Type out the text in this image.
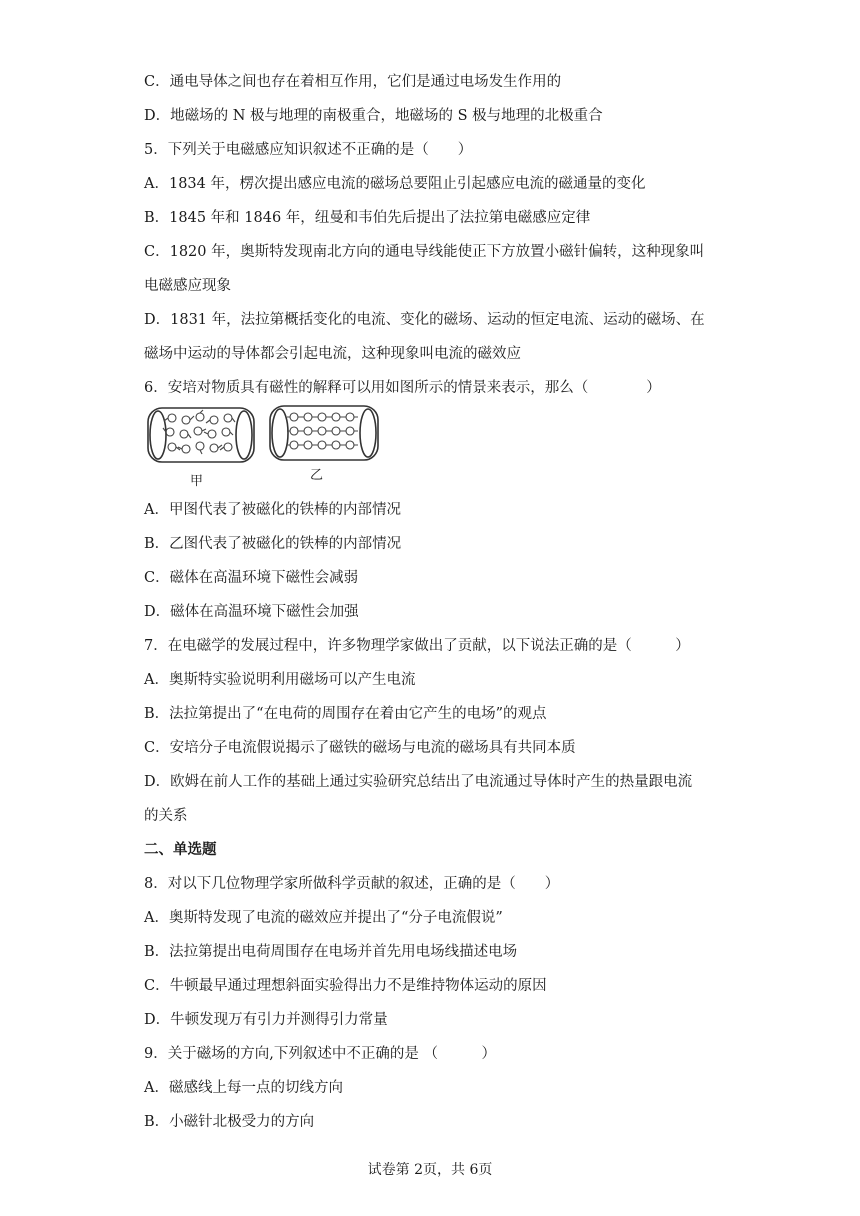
C．通电导体之间也存在着相互作用，它们是通过电场发生作用的
D．地磁场的 N 极与地理的南极重合，地磁场的 S 极与地理的北极重合
5．下列关于电磁感应知识叙述不正确的是（　　）
A．1834 年，楞次提出感应电流的磁场总要阻止引起感应电流的磁通量的变化
B．1845 年和 1846 年，纽曼和韦伯先后提出了法拉第电磁感应定律
C．1820 年，奥斯特发现南北方向的通电导线能使正下方放置小磁针偏转，这种现象叫
电磁感应现象
D．1831 年，法拉第概括变化的电流、变化的磁场、运动的恒定电流、运动的磁场、在
磁场中运动的导体都会引起电流，这种现象叫电流的磁效应
6．安培对物质具有磁性的解释可以用如图所示的情景来表示，那么（　　　　）
甲	乙
A．甲图代表了被磁化的铁棒的内部情况
B．乙图代表了被磁化的铁棒的内部情况
C．磁体在高温环境下磁性会减弱
D．磁体在高温环境下磁性会加强
7．在电磁学的发展过程中，许多物理学家做出了贡献，以下说法正确的是（　　　）
A．奥斯特实验说明利用磁场可以产生电流
B．法拉第提出了“在电荷的周围存在着由它产生的电场”的观点
C．安培分子电流假说揭示了磁铁的磁场与电流的磁场具有共同本质
D．欧姆在前人工作的基础上通过实验研究总结出了电流通过导体时产生的热量跟电流
的关系
二、单选题
8．对以下几位物理学家所做科学贡献的叙述，正确的是（　　）
A．奥斯特发现了电流的磁效应并提出了“分子电流假说”
B．法拉第提出电荷周围存在电场并首先用电场线描述电场
C．牛顿最早通过理想斜面实验得出力不是维持物体运动的原因
D．牛顿发现万有引力并测得引力常量
9．关于磁场的方向,下列叙述中不正确的是 （　　　）
A．磁感线上每一点的切线方向
B．小磁针北极受力的方向
试卷第 2页，共 6页
